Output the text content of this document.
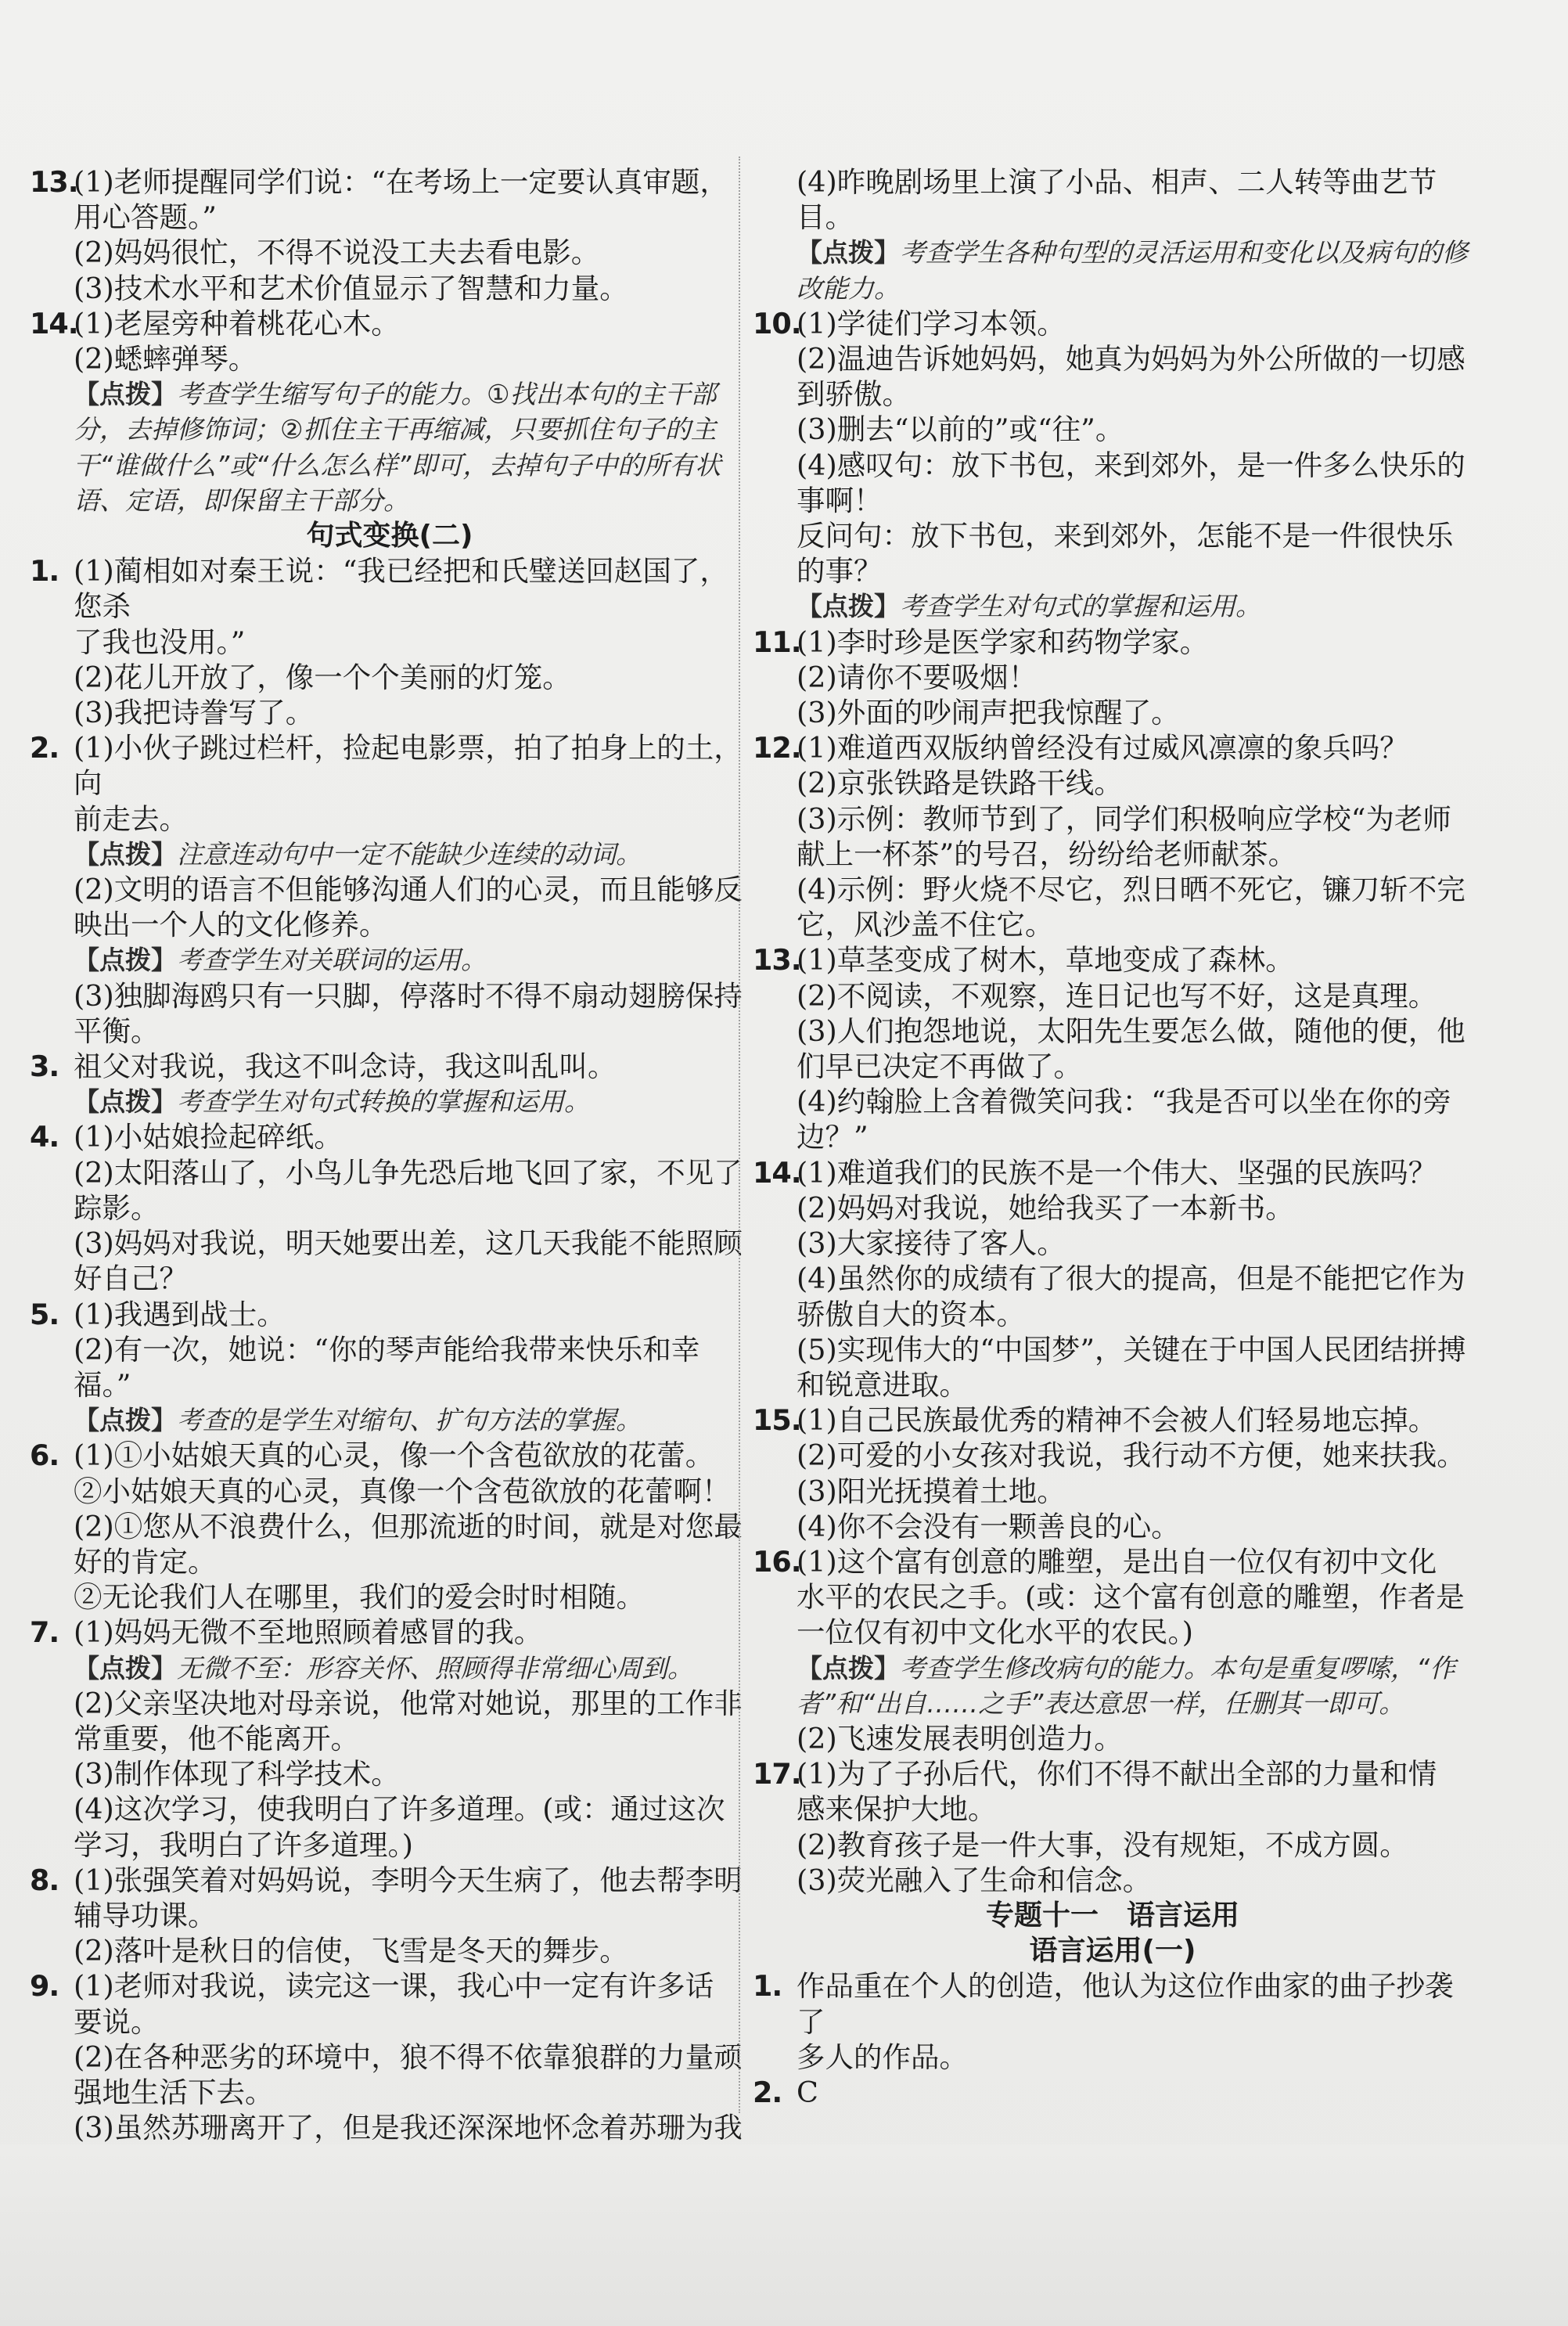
13.
(1)老师提醒同学们说：“在考场上一定要认真审题，
用心答题。”
(2)妈妈很忙，不得不说没工夫去看电影。
(3)技术水平和艺术价值显示了智慧和力量。
14.
(1)老屋旁种着桃花心木。
(2)蟋蟀弹琴。
【点拨】考查学生缩写句子的能力。①找出本句的主干部分，去掉修饰词；②抓住主干再缩减，只要抓住句子的主干“谁做什么”或“什么怎么样”即可，去掉句子中的所有状语、定语，即保留主干部分。
句式变换(二)
1. (1)蔺相如对秦王说：“我已经把和氏璧送回赵国了，您杀
了我也没用。”
(2)花儿开放了，像一个个美丽的灯笼。
(3)我把诗誊写了。
2. (1)小伙子跳过栏杆，捡起电影票，拍了拍身上的土，向
前走去。
【点拨】注意连动句中一定不能缺少连续的动词。
(2)文明的语言不但能够沟通人们的心灵，而且能够反映出一个人的文化修养。
【点拨】考查学生对关联词的运用。
(3)独脚海鸥只有一只脚，停落时不得不扇动翅膀保持平衡。
3. 祖父对我说，我这不叫念诗，我这叫乱叫。
【点拨】考查学生对句式转换的掌握和运用。
4. (1)小姑娘捡起碎纸。
(2)太阳落山了，小鸟儿争先恐后地飞回了家，不见了踪影。
(3)妈妈对我说，明天她要出差，这几天我能不能照顾好自己？
5. (1)我遇到战士。
(2)有一次，她说：“你的琴声能给我带来快乐和幸福。”
【点拨】考查的是学生对缩句、扩句方法的掌握。
6. (1)①小姑娘天真的心灵，像一个含苞欲放的花蕾。
②小姑娘天真的心灵，真像一个含苞欲放的花蕾啊！
(2)①您从不浪费什么，但那流逝的时间，就是对您最好的肯定。
②无论我们人在哪里，我们的爱会时时相随。
7. (1)妈妈无微不至地照顾着感冒的我。
【点拨】无微不至：形容关怀、照顾得非常细心周到。
(2)父亲坚决地对母亲说，他常对她说，那里的工作非常重要，他不能离开。
(3)制作体现了科学技术。
(4)这次学习，使我明白了许多道理。(或：通过这次学习，我明白了许多道理。)
8. (1)张强笑着对妈妈说，李明今天生病了，他去帮李明
辅导功课。
(2)落叶是秋日的信使，飞雪是冬天的舞步。
9. (1)老师对我说，读完这一课，我心中一定有许多话
要说。
(2)在各种恶劣的环境中，狼不得不依靠狼群的力量顽强地生活下去。
(3)虽然苏珊离开了，但是我还深深地怀念着苏珊为我
(4)昨晚剧场里上演了小品、相声、二人转等曲艺节目。
【点拨】考查学生各种句型的灵活运用和变化以及病句的修改能力。
10.
(1)学徒们学习本领。
(2)温迪告诉她妈妈，她真为妈妈为外公所做的一切感到骄傲。
(3)删去“以前的”或“往”。
(4)感叹句：放下书包，来到郊外，是一件多么快乐的事啊！
反问句：放下书包，来到郊外，怎能不是一件很快乐的事？
【点拨】考查学生对句式的掌握和运用。
11.
(1)李时珍是医学家和药物学家。
(2)请你不要吸烟！
(3)外面的吵闹声把我惊醒了。
12.
(1)难道西双版纳曾经没有过威风凛凛的象兵吗？
(2)京张铁路是铁路干线。
(3)示例：教师节到了，同学们积极响应学校“为老师献上一杯茶”的号召，纷纷给老师献茶。
(4)示例：野火烧不尽它，烈日晒不死它，镰刀斩不完它，风沙盖不住它。
13.
(1)草茎变成了树木，草地变成了森林。
(2)不阅读，不观察，连日记也写不好，这是真理。
(3)人们抱怨地说，太阳先生要怎么做，随他的便，他们早已决定不再做了。
(4)约翰脸上含着微笑问我：“我是否可以坐在你的旁边？”
14.
(1)难道我们的民族不是一个伟大、坚强的民族吗？
(2)妈妈对我说，她给我买了一本新书。
(3)大家接待了客人。
(4)虽然你的成绩有了很大的提高，但是不能把它作为骄傲自大的资本。
(5)实现伟大的“中国梦”，关键在于中国人民团结拼搏和锐意进取。
15.
(1)自己民族最优秀的精神不会被人们轻易地忘掉。
(2)可爱的小女孩对我说，我行动不方便，她来扶我。
(3)阳光抚摸着土地。
(4)你不会没有一颗善良的心。
16.
(1)这个富有创意的雕塑，是出自一位仅有初中文化
水平的农民之手。(或：这个富有创意的雕塑，作者是
一位仅有初中文化水平的农民。)
【点拨】考查学生修改病句的能力。本句是重复啰嗦，“作者”和“出自……之手”表达意思一样，任删其一即可。
(2)飞速发展表明创造力。
17.
(1)为了子孙后代，你们不得不献出全部的力量和情
感来保护大地。
(2)教育孩子是一件大事，没有规矩，不成方圆。
(3)荧光融入了生命和信念。
专题十一　语言运用
语言运用(一)
1. 作品重在个人的创造，他认为这位作曲家的曲子抄袭了
多人的作品。
2. C
